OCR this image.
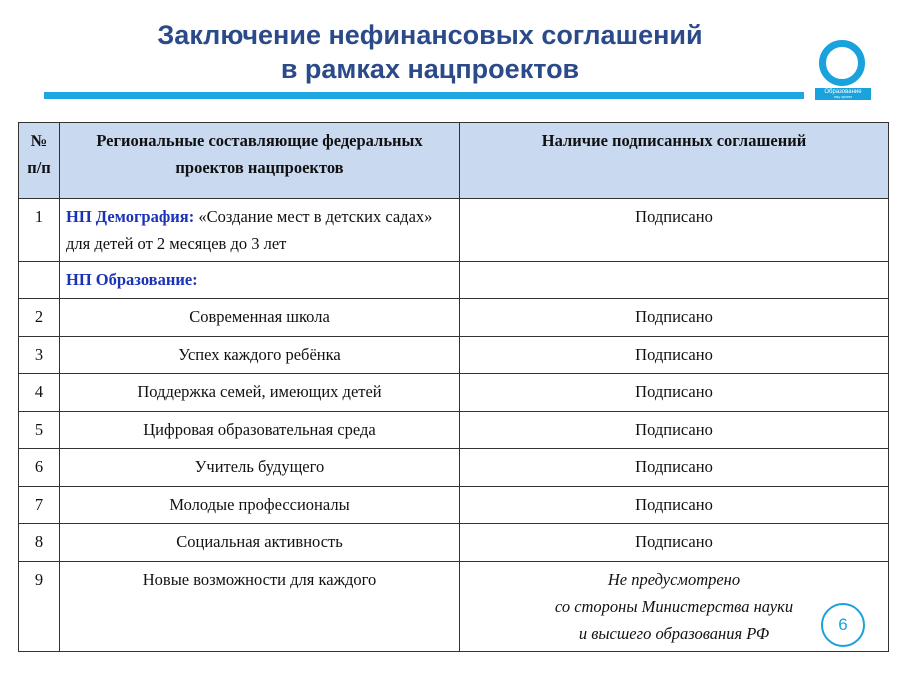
Заключение нефинансовых соглашений
в рамках нацпроектов
Образование
нац. проект
№ п/п	Региональные составляющие федеральных проектов нацпроектов	Наличие подписанных соглашений
1	НП Демография: «Создание мест в детских садах» для детей от 2 месяцев до 3 лет	Подписано
	НП Образование:	
2	Современная школа	Подписано
3	Успех каждого ребёнка	Подписано
4	Поддержка семей, имеющих детей	Подписано
5	Цифровая образовательная среда	Подписано
6	Учитель будущего	Подписано
7	Молодые профессионалы	Подписано
8	Социальная активность	Подписано
9	Новые возможности для каждого	Не предусмотрено
со стороны Министерства науки
и высшего образования РФ	6
